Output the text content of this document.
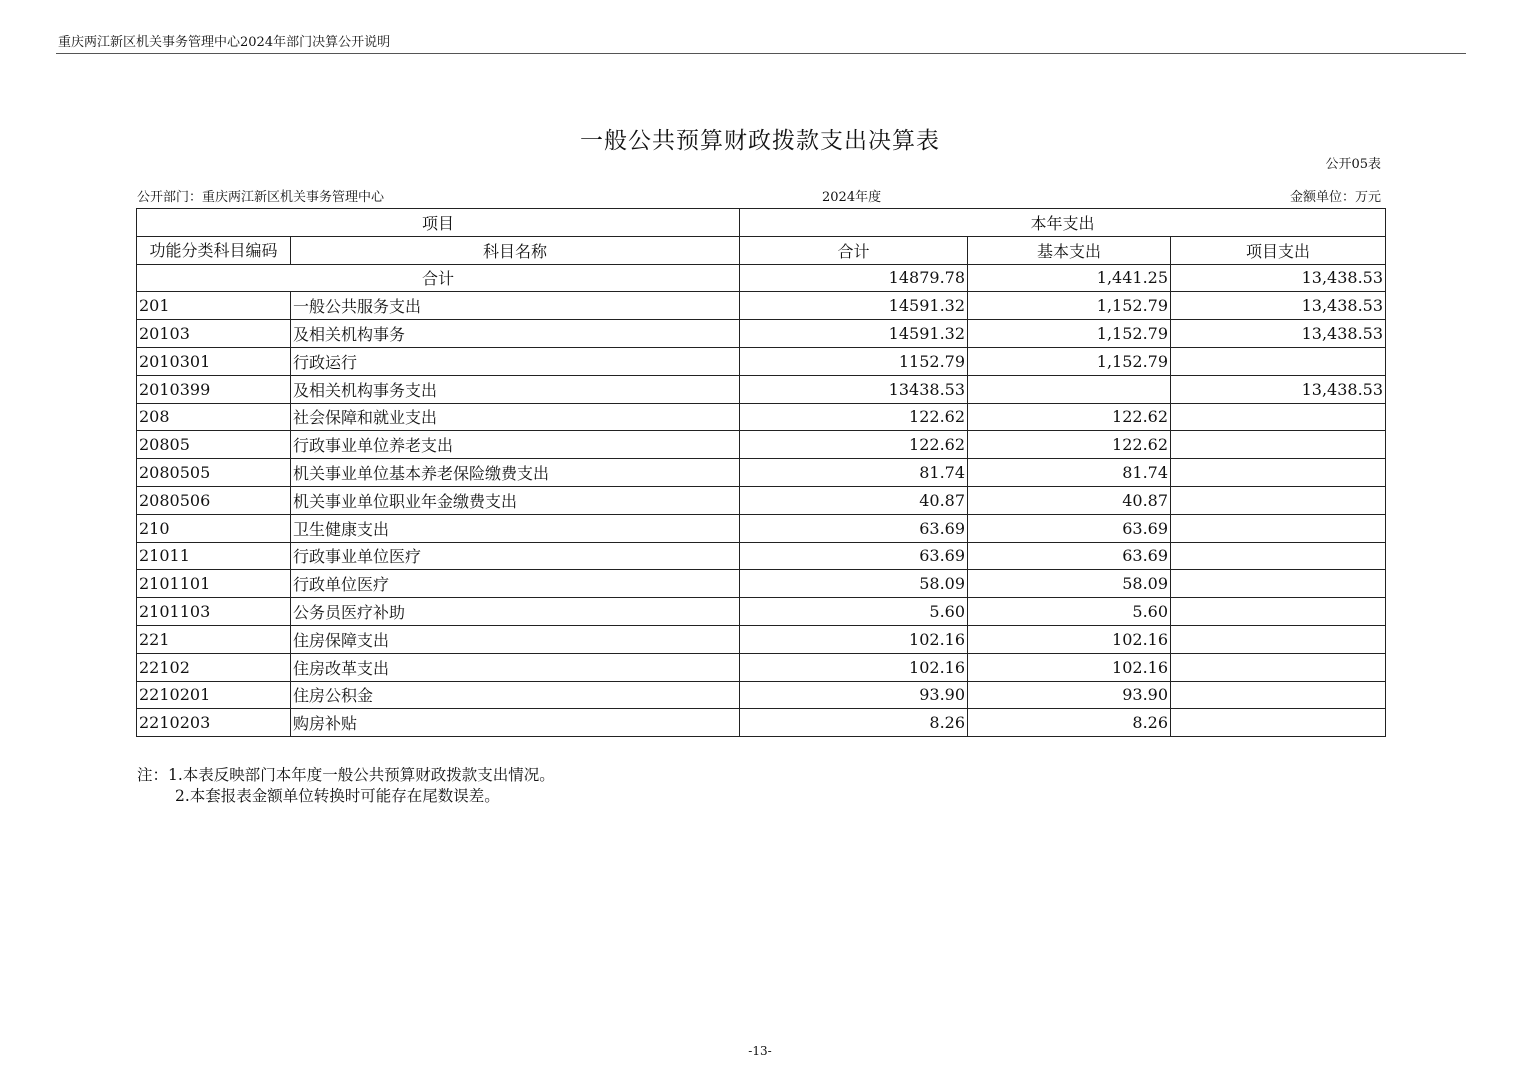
重庆两江新区机关事务管理中心2024年部门决算公开说明
一般公共预算财政拨款支出决算表
公开05表
公开部门：重庆两江新区机关事务管理中心	2024年度	金额单位：万元
项目		本年支出		
功能分类科目编码	科目名称	合计	基本支出	项目支出
合计		14879.78	1,441.25	13,438.53
201	一般公共服务支出	14591.32	1,152.79	13,438.53
20103	及相关机构事务	14591.32	1,152.79	13,438.53
2010301	行政运行	1152.79	1,152.79	
2010399	及相关机构事务支出	13438.53		13,438.53
208	社会保障和就业支出	122.62	122.62	
20805	行政事业单位养老支出	122.62	122.62	
2080505	机关事业单位基本养老保险缴费支出	81.74	81.74	
2080506	机关事业单位职业年金缴费支出	40.87	40.87	
210	卫生健康支出	63.69	63.69	
21011	行政事业单位医疗	63.69	63.69	
2101101	行政单位医疗	58.09	58.09	
2101103	公务员医疗补助	5.60	5.60	
221	住房保障支出	102.16	102.16	
22102	住房改革支出	102.16	102.16	
2210201	住房公积金	93.90	93.90	
2210203	购房补贴	8.26	8.26	
注：1.本表反映部门本年度一般公共预算财政拨款支出情况。
2.本套报表金额单位转换时可能存在尾数误差。
-13-
